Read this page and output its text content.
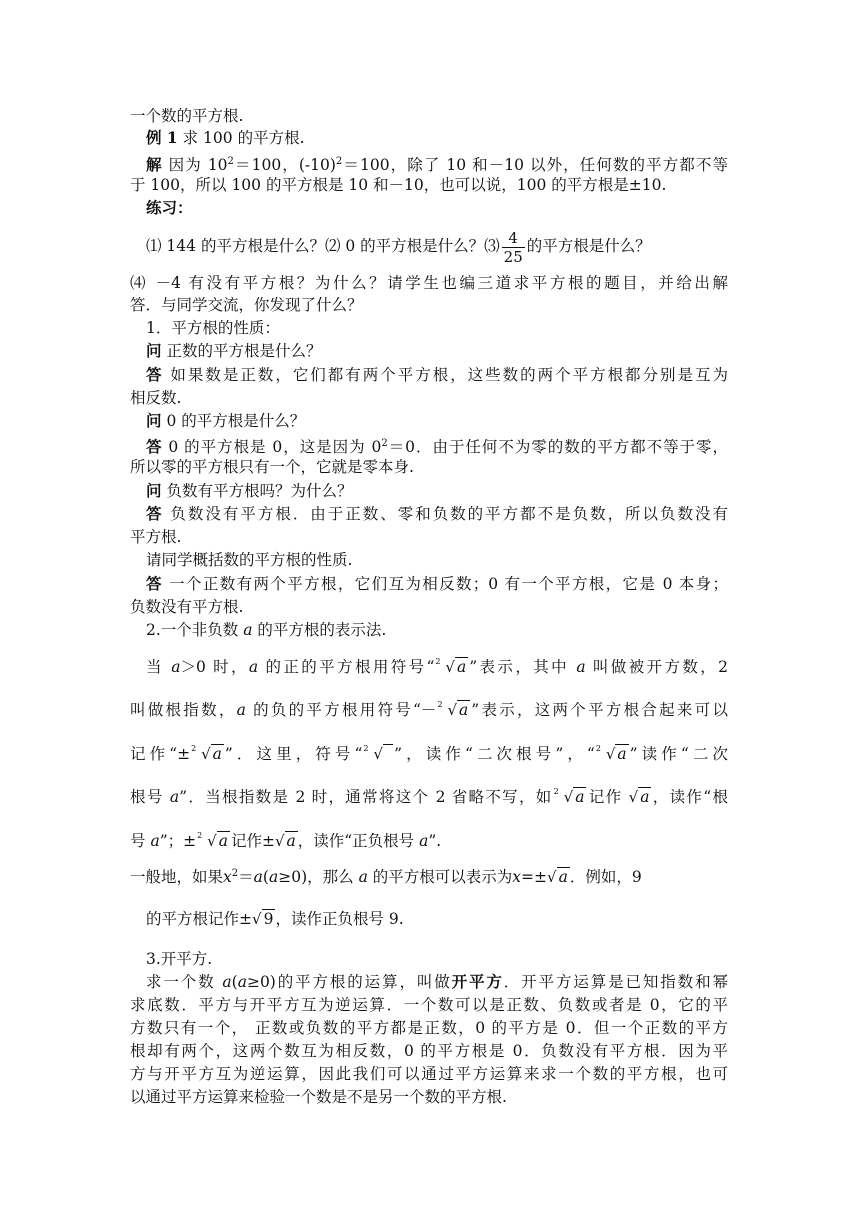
一个数的平方根.
例 1 求 100 的平方根.
解 因为 $10^2=100$，$(-10)^2=100$，除了 10 和－10 以外，任何数的平方都不等
于 100，所以 100 的平方根是 10 和－10，也可以说，100 的平方根是±10.
练习：
⑴ 144 的平方根是什么？⑵ 0 的平方根是什么？⑶ $\frac{4}{25}$ 的平方根是什么？
⑷ －4 有没有平方根？为什么？请学生也编三道求平方根的题目，并给出解
答．与同学交流，你发现了什么？
1．平方根的性质：
问 正数的平方根是什么？
答 如果数是正数，它们都有两个平方根，这些数的两个平方根都分别是互为
相反数.
问 0 的平方根是什么？
答 0 的平方根是 0，这是因为 $0^2=0$．由于任何不为零的数的平方都不等于零，
所以零的平方根只有一个，它就是零本身.
问 负数有平方根吗？为什么？
答 负数没有平方根．由于正数、零和负数的平方都不是负数，所以负数没有
平方根.
请同学概括数的平方根的性质.
答 一个正数有两个平方根，它们互为相反数；0 有一个平方根，它是 0 本身；
负数没有平方根.
2.一个非负数 a 的平方根的表示法.
当 a＞0 时，a 的正的平方根用符号“ 2 √ a ”表示，其中 a 叫做被开方数，2
叫做根指数，a 的负的平方根用符号“－ 2 √ a ”表示，这两个平方根合起来可以
记作“± 2 √ a ”．这里，符号“ 2 √   ”，读作“二次根号”，“ 2 √ a ”读作“二次
根号 a”．当根指数是 2 时，通常将这个 2 省略不写，如 2 √ a 记作 √ a ，读作“根
号 a”；± 2 √ a 记作±√ a ，读作“正负根号 a”.
一般地，如果$x^2=a(a\ge 0)$，那么 a 的平方根可以表示为x=±√ a ．例如，9
的平方根记作±√ 9 ，读作正负根号 9.
3.开平方.
求一个数 a(a≥0)的平方根的运算，叫做开平方．开平方运算是已知指数和幂
求底数．平方与开平方互为逆运算．一个数可以是正数、负数或者是 0，它的平
方数只有一个， 正数或负数的平方都是正数，0 的平方是 0．但一个正数的平方
根却有两个，这两个数互为相反数，0 的平方根是 0．负数没有平方根．因为平
方与开平方互为逆运算，因此我们可以通过平方运算来求一个数的平方根，也可
以通过平方运算来检验一个数是不是另一个数的平方根.
